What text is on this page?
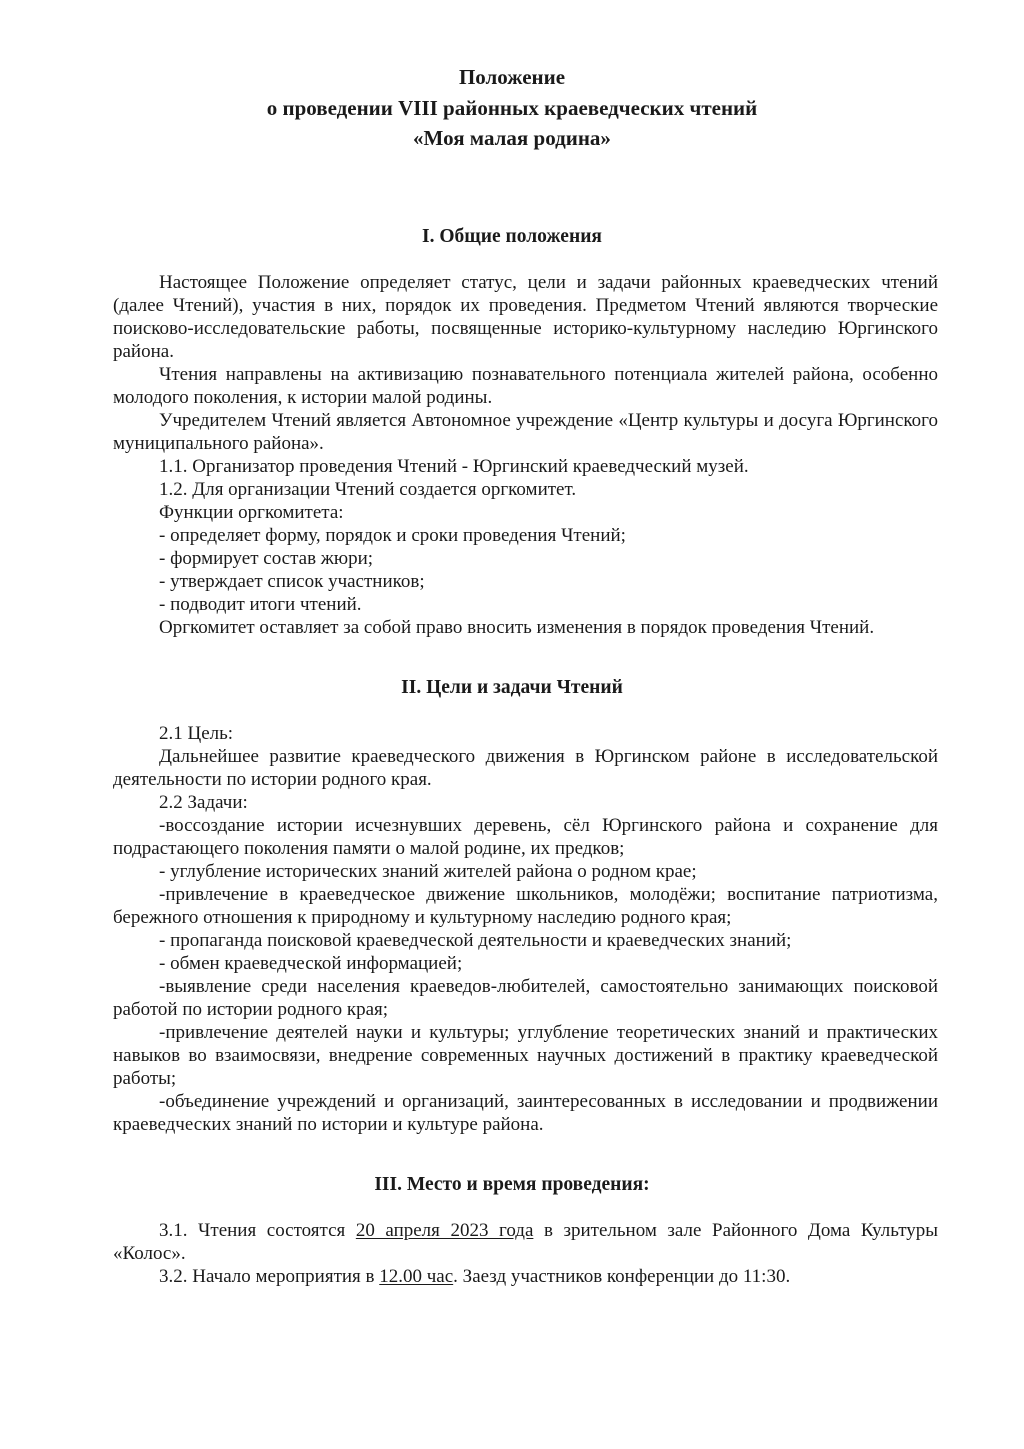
Положение
о проведении VIII районных краеведческих чтений
«Моя малая родина»
I. Общие положения

Настоящее Положение определяет статус, цели и задачи районных краеведческих чтений (далее Чтений), участия в них, порядок их проведения. Предметом Чтений являются творческие поисково-исследовательские работы, посвященные историко-культурному наследию Юргинского района.

Чтения направлены на активизацию познавательного потенциала жителей района, особенно молодого поколения, к истории малой родины.

Учредителем Чтений является Автономное учреждение «Центр культуры и досуга Юргинского муниципального района».

1.1. Организатор проведения Чтений - Юргинский краеведческий музей.

1.2. Для организации Чтений создается оргкомитет.

Функции оргкомитета:

- определяет форму, порядок и сроки проведения Чтений;

- формирует состав жюри;

- утверждает список участников;

- подводит итоги чтений.

Оргкомитет оставляет за собой право вносить изменения в порядок проведения Чтений.

II. Цели и задачи Чтений

2.1 Цель:

Дальнейшее развитие краеведческого движения в Юргинском районе в исследовательской деятельности по истории родного края.

2.2 Задачи:

-воссоздание истории исчезнувших деревень, сёл Юргинского района и сохранение для подрастающего поколения памяти о малой родине, их предков;

- углубление исторических знаний жителей района о родном крае;

-привлечение в краеведческое движение школьников, молодёжи; воспитание патриотизма, бережного отношения к природному и культурному наследию родного края;

- пропаганда поисковой краеведческой деятельности и краеведческих знаний;

- обмен краеведческой информацией;

-выявление среди населения краеведов-любителей, самостоятельно занимающих поисковой работой по истории родного края;

-привлечение деятелей науки и культуры; углубление теоретических знаний и практических навыков во взаимосвязи, внедрение современных научных достижений в практику краеведческой работы;

-объединение учреждений и организаций, заинтересованных в исследовании и продвижении краеведческих знаний по истории и культуре района.

III. Место и время проведения:

3.1. Чтения состоятся 20 апреля 2023 года в зрительном зале Районного Дома Культуры «Колос».

3.2. Начало мероприятия в 12.00 час. Заезд участников конференции до 11:30.
